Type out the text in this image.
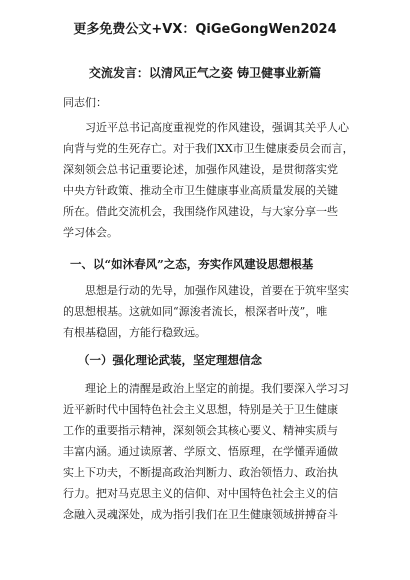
更多免费公文+VX：QiGeGongWen2024
交流发言：以清风正气之姿 铸卫健事业新篇
同志们：
习近平总书记高度重视党的作风建设，强调其关乎人心
向背与党的生死存亡。对于我们XX市卫生健康委员会而言，
深刻领会总书记重要论述，加强作风建设，是贯彻落实党
中央方针政策、推动全市卫生健康事业高质量发展的关键
所在。借此交流机会，我围绕作风建设，与大家分享一些
学习体会。
一、以“如沐春风”之态，夯实作风建设思想根基
思想是行动的先导，加强作风建设，首要在于筑牢坚实
的思想根基。这就如同“源浚者流长，根深者叶茂”，唯
有根基稳固，方能行稳致远。
（一）强化理论武装，坚定理想信念
理论上的清醒是政治上坚定的前提。我们要深入学习习
近平新时代中国特色社会主义思想，特别是关于卫生健康
工作的重要指示精神，深刻领会其核心要义、精神实质与
丰富内涵。通过读原著、学原文、悟原理，在学懂弄通做
实上下功夫，不断提高政治判断力、政治领悟力、政治执
行力。把对马克思主义的信仰、对中国特色社会主义的信
念融入灵魂深处，成为指引我们在卫生健康领域拼搏奋斗
